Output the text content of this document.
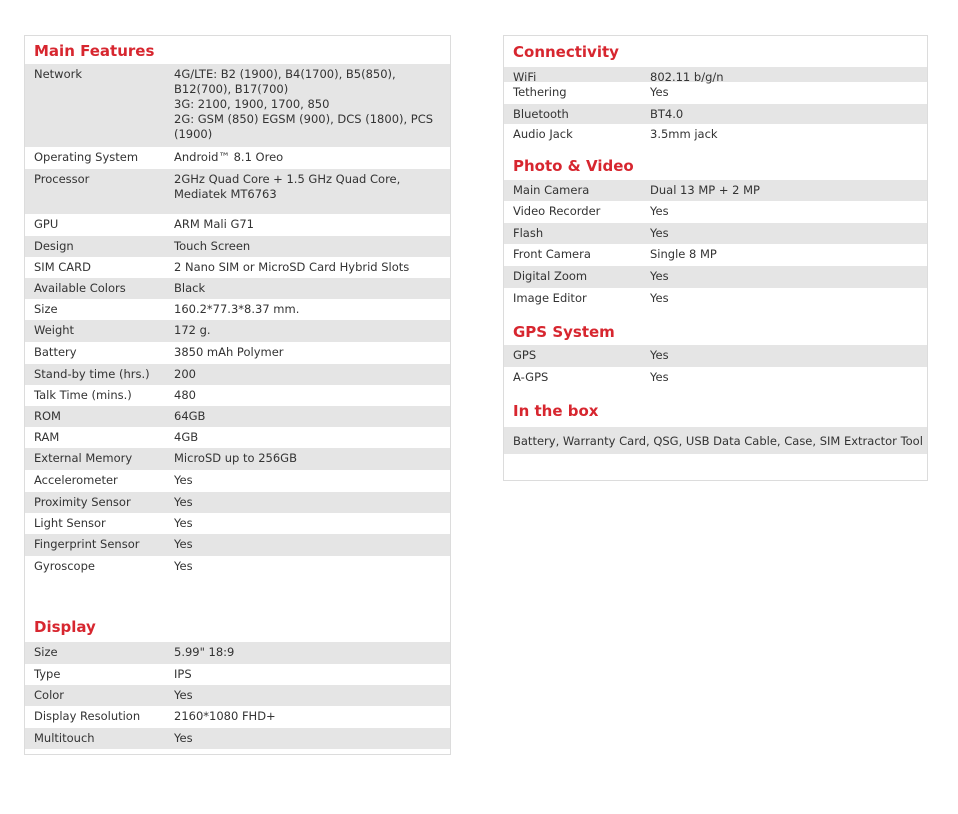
Main Features
Network	4G/LTE: B2 (1900), B4(1700), B5(850), B12(700), B17(700)
3G: 2100, 1900, 1700, 850
2G: GSM (850) EGSM (900), DCS (1800), PCS (1900)
Operating System	Android™ 8.1 Oreo
Processor	2GHz Quad Core + 1.5 GHz Quad Core, Mediatek MT6763
GPU	ARM Mali G71
Design	Touch Screen
SIM CARD	2 Nano SIM or MicroSD Card Hybrid Slots
Available Colors	Black
Size	160.2*77.3*8.37 mm.
Weight	172 g.
Battery	3850 mAh Polymer
Stand-by time (hrs.)	200
Talk Time (mins.)	480
ROM	64GB
RAM	4GB
External Memory	MicroSD up to 256GB
Accelerometer	Yes
Proximity Sensor	Yes
Light Sensor	Yes
Fingerprint Sensor	Yes
Gyroscope	Yes
Display
Size	5.99" 18:9
Type	IPS
Color	Yes
Display Resolution	2160*1080 FHD+
Multitouch	Yes
Connectivity
WiFi	802.11 b/g/n
Tethering	Yes
Bluetooth	BT4.0
Audio Jack	3.5mm jack
Photo & Video
Main Camera	Dual 13 MP + 2 MP
Video Recorder	Yes
Flash	Yes
Front Camera	Single 8 MP
Digital Zoom	Yes
Image Editor	Yes
GPS System
GPS	Yes
A-GPS	Yes
In the box
Battery, Warranty Card, QSG, USB Data Cable, Case, SIM Extractor Tool
